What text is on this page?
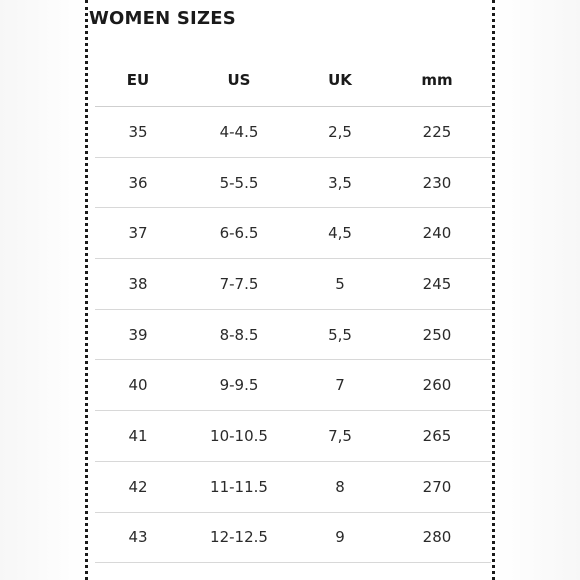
WOMEN SIZES
EU	US	UK	mm
35	4-4.5	2,5	225
36	5-5.5	3,5	230
37	6-6.5	4,5	240
38	7-7.5	5	245
39	8-8.5	5,5	250
40	9-9.5	7	260
41	10-10.5	7,5	265
42	11-11.5	8	270
43	12-12.5	9	280
